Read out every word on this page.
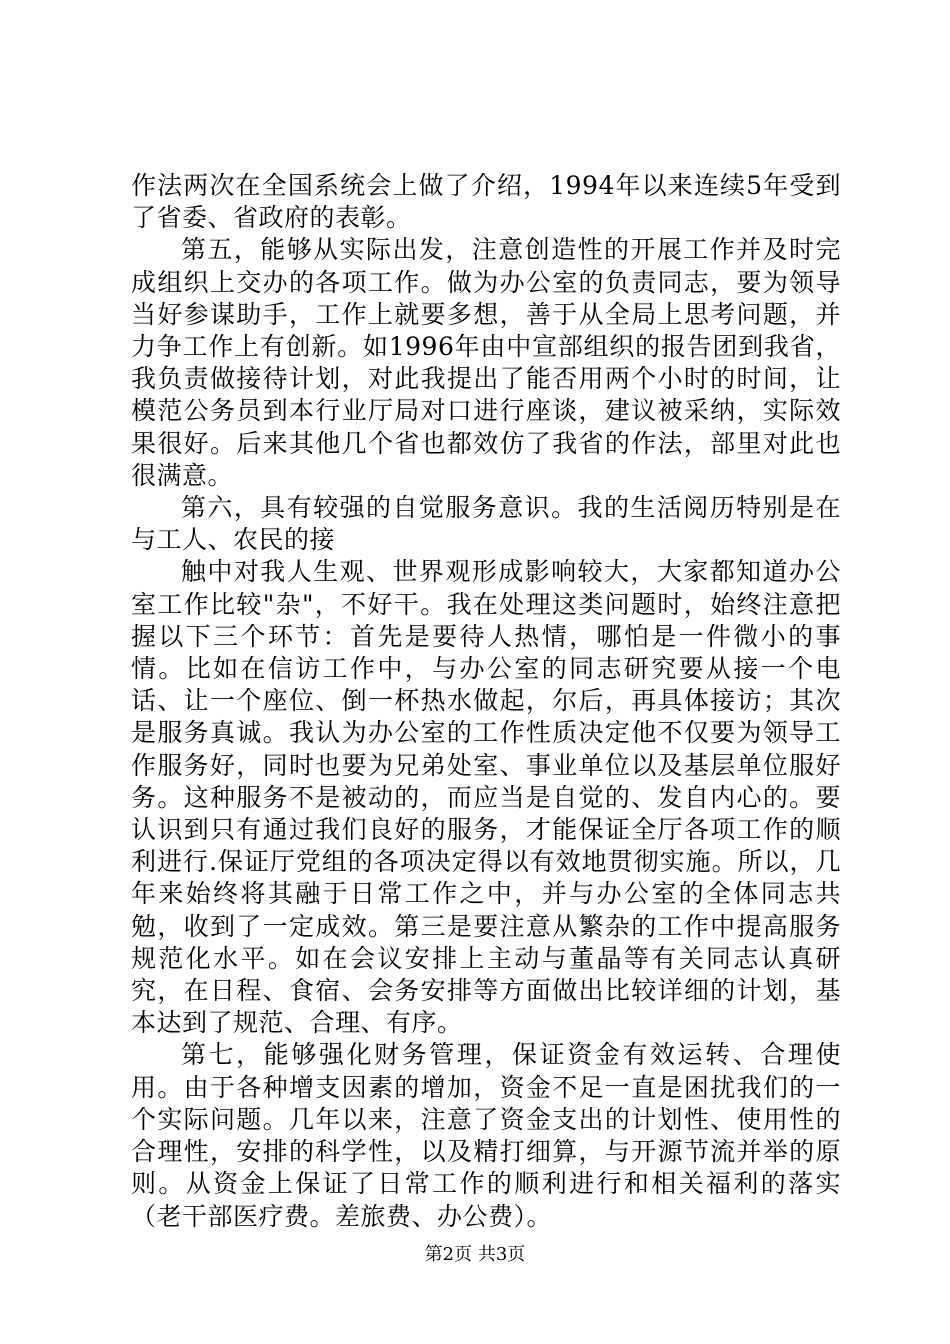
作法两次在全国系统会上做了介绍，1994年以来连续5年受到了省委、省政府的表彰。

第五，能够从实际出发，注意创造性的开展工作并及时完成组织上交办的各项工作。做为办公室的负责同志，要为领导当好参谋助手，工作上就要多想，善于从全局上思考问题，并力争工作上有创新。如1996年由中宣部组织的报告团到我省，我负责做接待计划，对此我提出了能否用两个小时的时间，让模范公务员到本行业厅局对口进行座谈，建议被采纳，实际效果很好。后来其他几个省也都效仿了我省的作法，部里对此也很满意。

第六，具有较强的自觉服务意识。我的生活阅历特别是在与工人、农民的接

触中对我人生观、世界观形成影响较大，大家都知道办公室工作比较"杂"，不好干。我在处理这类问题时，始终注意把握以下三个环节：首先是要待人热情，哪怕是一件微小的事情。比如在信访工作中，与办公室的同志研究要从接一个电话、让一个座位、倒一杯热水做起，尔后，再具体接访；其次是服务真诚。我认为办公室的工作性质决定他不仅要为领导工作服务好，同时也要为兄弟处室、事业单位以及基层单位服好务。这种服务不是被动的，而应当是自觉的、发自内心的。要认识到只有通过我们良好的服务，才能保证全厅各项工作的顺利进行.保证厅党组的各项决定得以有效地贯彻实施。所以，几年来始终将其融于日常工作之中，并与办公室的全体同志共勉，收到了一定成效。第三是要注意从繁杂的工作中提高服务规范化水平。如在会议安排上主动与董晶等有关同志认真研究，在日程、食宿、会务安排等方面做出比较详细的计划，基本达到了规范、合理、有序。

第七，能够强化财务管理，保证资金有效运转、合理使用。由于各种增支因素的增加，资金不足一直是困扰我们的一个实际问题。几年以来，注意了资金支出的计划性、使用性的合理性，安排的科学性，以及精打细算，与开源节流并举的原则。从资金上保证了日常工作的顺利进行和相关福利的落实（老干部医疗费。差旅费、办公费）。

第2页 共3页
